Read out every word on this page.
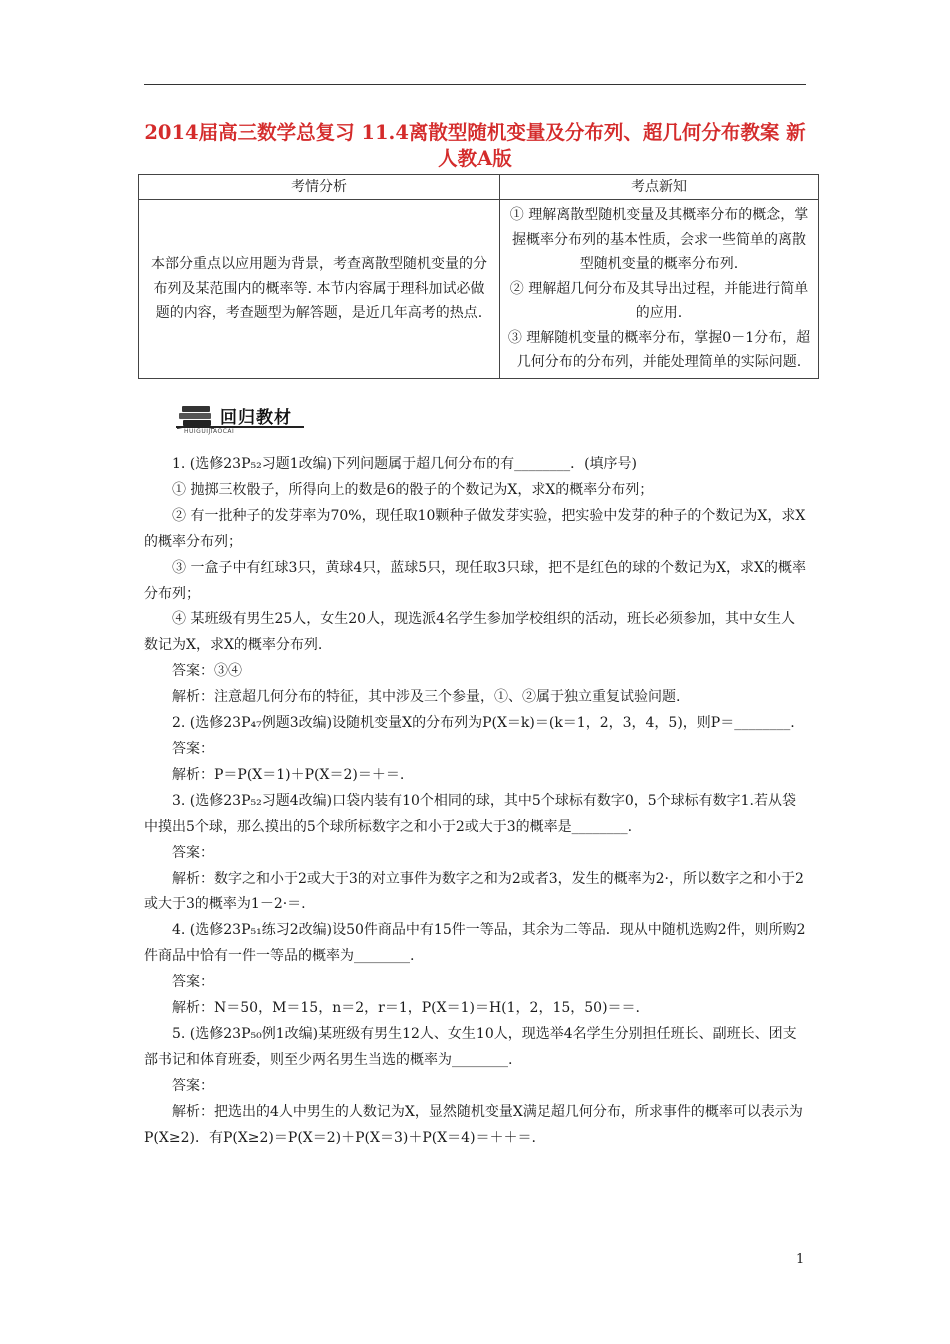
2014届高三数学总复习 11.4离散型随机变量及分布列、超几何分布教案 新人教A版
考情分析	考点新知
本部分重点以应用题为背景，考查离散型随机变量的分布列及某范围内的概率等. 本节内容属于理科加试必做题的内容，考查题型为解答题，是近几年高考的热点.	① 理解离散型随机变量及其概率分布的概念，掌握概率分布列的基本性质，会求一些简单的离散型随机变量的概率分布列.
② 理解超几何分布及其导出过程，并能进行简单的应用.
③ 理解随机变量的概率分布，掌握0－1分布，超几何分布的分布列，并能处理简单的实际问题.
回归教材
HUIGUIJIAOCAI

1. (选修23P₅₂习题1改编)下列问题属于超几何分布的有________．(填序号)

① 抛掷三枚骰子，所得向上的数是6的骰子的个数记为X，求X的概率分布列；

② 有一批种子的发芽率为70%，现任取10颗种子做发芽实验，把实验中发芽的种子的个数记为X，求X的概率分布列；

③ 一盒子中有红球3只，黄球4只，蓝球5只，现任取3只球，把不是红色的球的个数记为X，求X的概率分布列；

④ 某班级有男生25人，女生20人，现选派4名学生参加学校组织的活动，班长必须参加，其中女生人数记为X，求X的概率分布列.

答案：③④

解析：注意超几何分布的特征，其中涉及三个参量，①、②属于独立重复试验问题.

2. (选修23P₄₇例题3改编)设随机变量X的分布列为P(X＝k)＝(k＝1，2，3，4，5)，则P＝________.

答案：

解析：P＝P(X＝1)＋P(X＝2)＝＋＝.

3. (选修23P₅₂习题4改编)口袋内装有10个相同的球，其中5个球标有数字0，5个球标有数字1.若从袋中摸出5个球，那么摸出的5个球所标数字之和小于2或大于3的概率是________.

答案：

解析：数字之和小于2或大于3的对立事件为数字之和为2或者3，发生的概率为2·，所以数字之和小于2或大于3的概率为1－2·＝.

4. (选修23P₅₁练习2改编)设50件商品中有15件一等品，其余为二等品．现从中随机选购2件，则所购2件商品中恰有一件一等品的概率为________.

答案：

解析：N＝50，M＝15，n＝2，r＝1，P(X＝1)＝H(1，2，15，50)＝＝.

5. (选修23P₅₀例1改编)某班级有男生12人、女生10人，现选举4名学生分别担任班长、副班长、团支部书记和体育班委，则至少两名男生当选的概率为________.

答案：

解析：把选出的4人中男生的人数记为X，显然随机变量X满足超几何分布，所求事件的概率可以表示为P(X≥2)．有P(X≥2)＝P(X＝2)＋P(X＝3)＋P(X＝4)＝＋＋＝.

1
